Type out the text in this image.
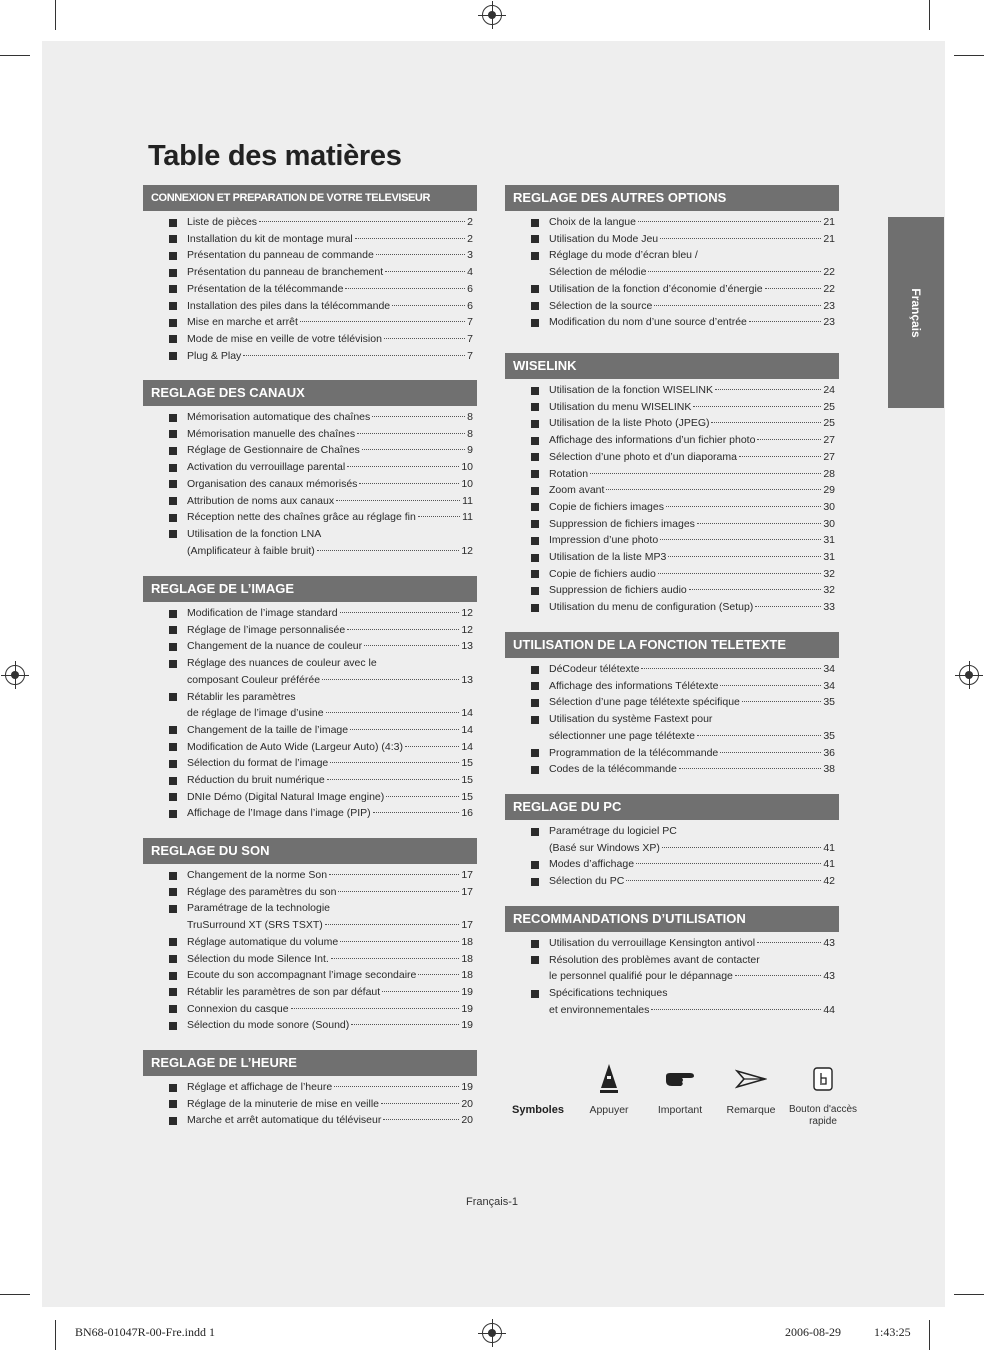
Table des matières
Français
CONNEXION ET PREPARATION DE VOTRE TELEVISEUR
Liste de pièces	2
Installation du kit de montage mural	2
Présentation du panneau de commande	3
Présentation du panneau de branchement	4
Présentation de la télécommande	6
Installation des piles dans la télécommande	6
Mise en marche et arrêt	7
Mode de mise en veille de votre télévision	7
Plug & Play	7
REGLAGE DES CANAUX
Mémorisation automatique des chaînes	8
Mémorisation manuelle des chaînes	8
Réglage de Gestionnaire de Chaînes	9
Activation du verrouillage parental	10
Organisation des canaux mémorisés	10
Attribution de noms aux canaux	11
Réception nette des chaînes grâce au réglage fin	11
Utilisation de la fonction LNA
(Amplificateur à faible bruit)	12
REGLAGE DE L’IMAGE
Modification de l’image standard	12
Réglage de l’image personnalisée	12
Changement de la nuance de couleur	13
Réglage des nuances de couleur avec le
composant Couleur préférée	13
Rétablir les paramètres
de réglage de l’image d’usine	14
Changement de la taille de l’image	14
Modification de Auto Wide (Largeur Auto) (4:3)	14
Sélection du format de l’image	15
Réduction du bruit numérique	15
DNIe Démo (Digital Natural Image engine)	15
Affichage de l’Image dans l’image (PIP)	16
REGLAGE DU SON
Changement de la norme Son	17
Réglage des paramètres du son	17
Paramétrage de la technologie
TruSurround XT (SRS TSXT)	17
Réglage automatique du volume	18
Sélection du mode Silence Int.	18
Ecoute du son accompagnant l’image secondaire	18
Rétablir les paramètres de son par défaut	19
Connexion du casque	19
Sélection du mode sonore (Sound)	19
REGLAGE DE L’HEURE
Réglage et affichage de l’heure	19
Réglage de la minuterie de mise en veille	20
Marche et arrêt automatique du téléviseur	20
REGLAGE DES AUTRES OPTIONS
Choix de la langue	21
Utilisation du Mode Jeu	21
Réglage du mode d’écran bleu /
Sélection de mélodie	22
Utilisation de la fonction d’économie d’énergie	22
Sélection de la source	23
Modification du nom d’une source d’entrée	23
WISELINK
Utilisation de la fonction WISELINK	24
Utilisation du menu WISELINK	25
Utilisation de la liste Photo (JPEG)	25
Affichage des informations d’un fichier photo	27
Sélection d’une photo et d’un diaporama	27
Rotation	28
Zoom avant	29
Copie de fichiers images	30
Suppression de fichiers images	30
Impression d’une photo	31
Utilisation de la liste MP3	31
Copie de fichiers audio	32
Suppression de fichiers audio	32
Utilisation du menu de configuration (Setup)	33
UTILISATION DE LA FONCTION TELETEXTE
DéCodeur télétexte	34
Affichage des informations Télétexte	34
Sélection d’une page télétexte spécifique	35
Utilisation du système Fastext pour
sélectionner une page télétexte	35
Programmation de la télécommande	36
Codes de la télécommande	38
REGLAGE DU PC
Paramétrage du logiciel PC
(Basé sur Windows XP)	41
Modes d’affichage	41
Sélection du PC	42
RECOMMANDATIONS D’UTILISATION
Utilisation du verrouillage Kensington antivol	43
Résolution des problèmes avant de contacter
le personnel qualifié pour le dépannage	43
Spécifications techniques
et environnementales	44
Symboles	Appuyer	Important	Remarque	Bouton d'accès rapide
Français-1
BN68-01047R-00-Fre.indd 1	2006-08-29	1:43:25
